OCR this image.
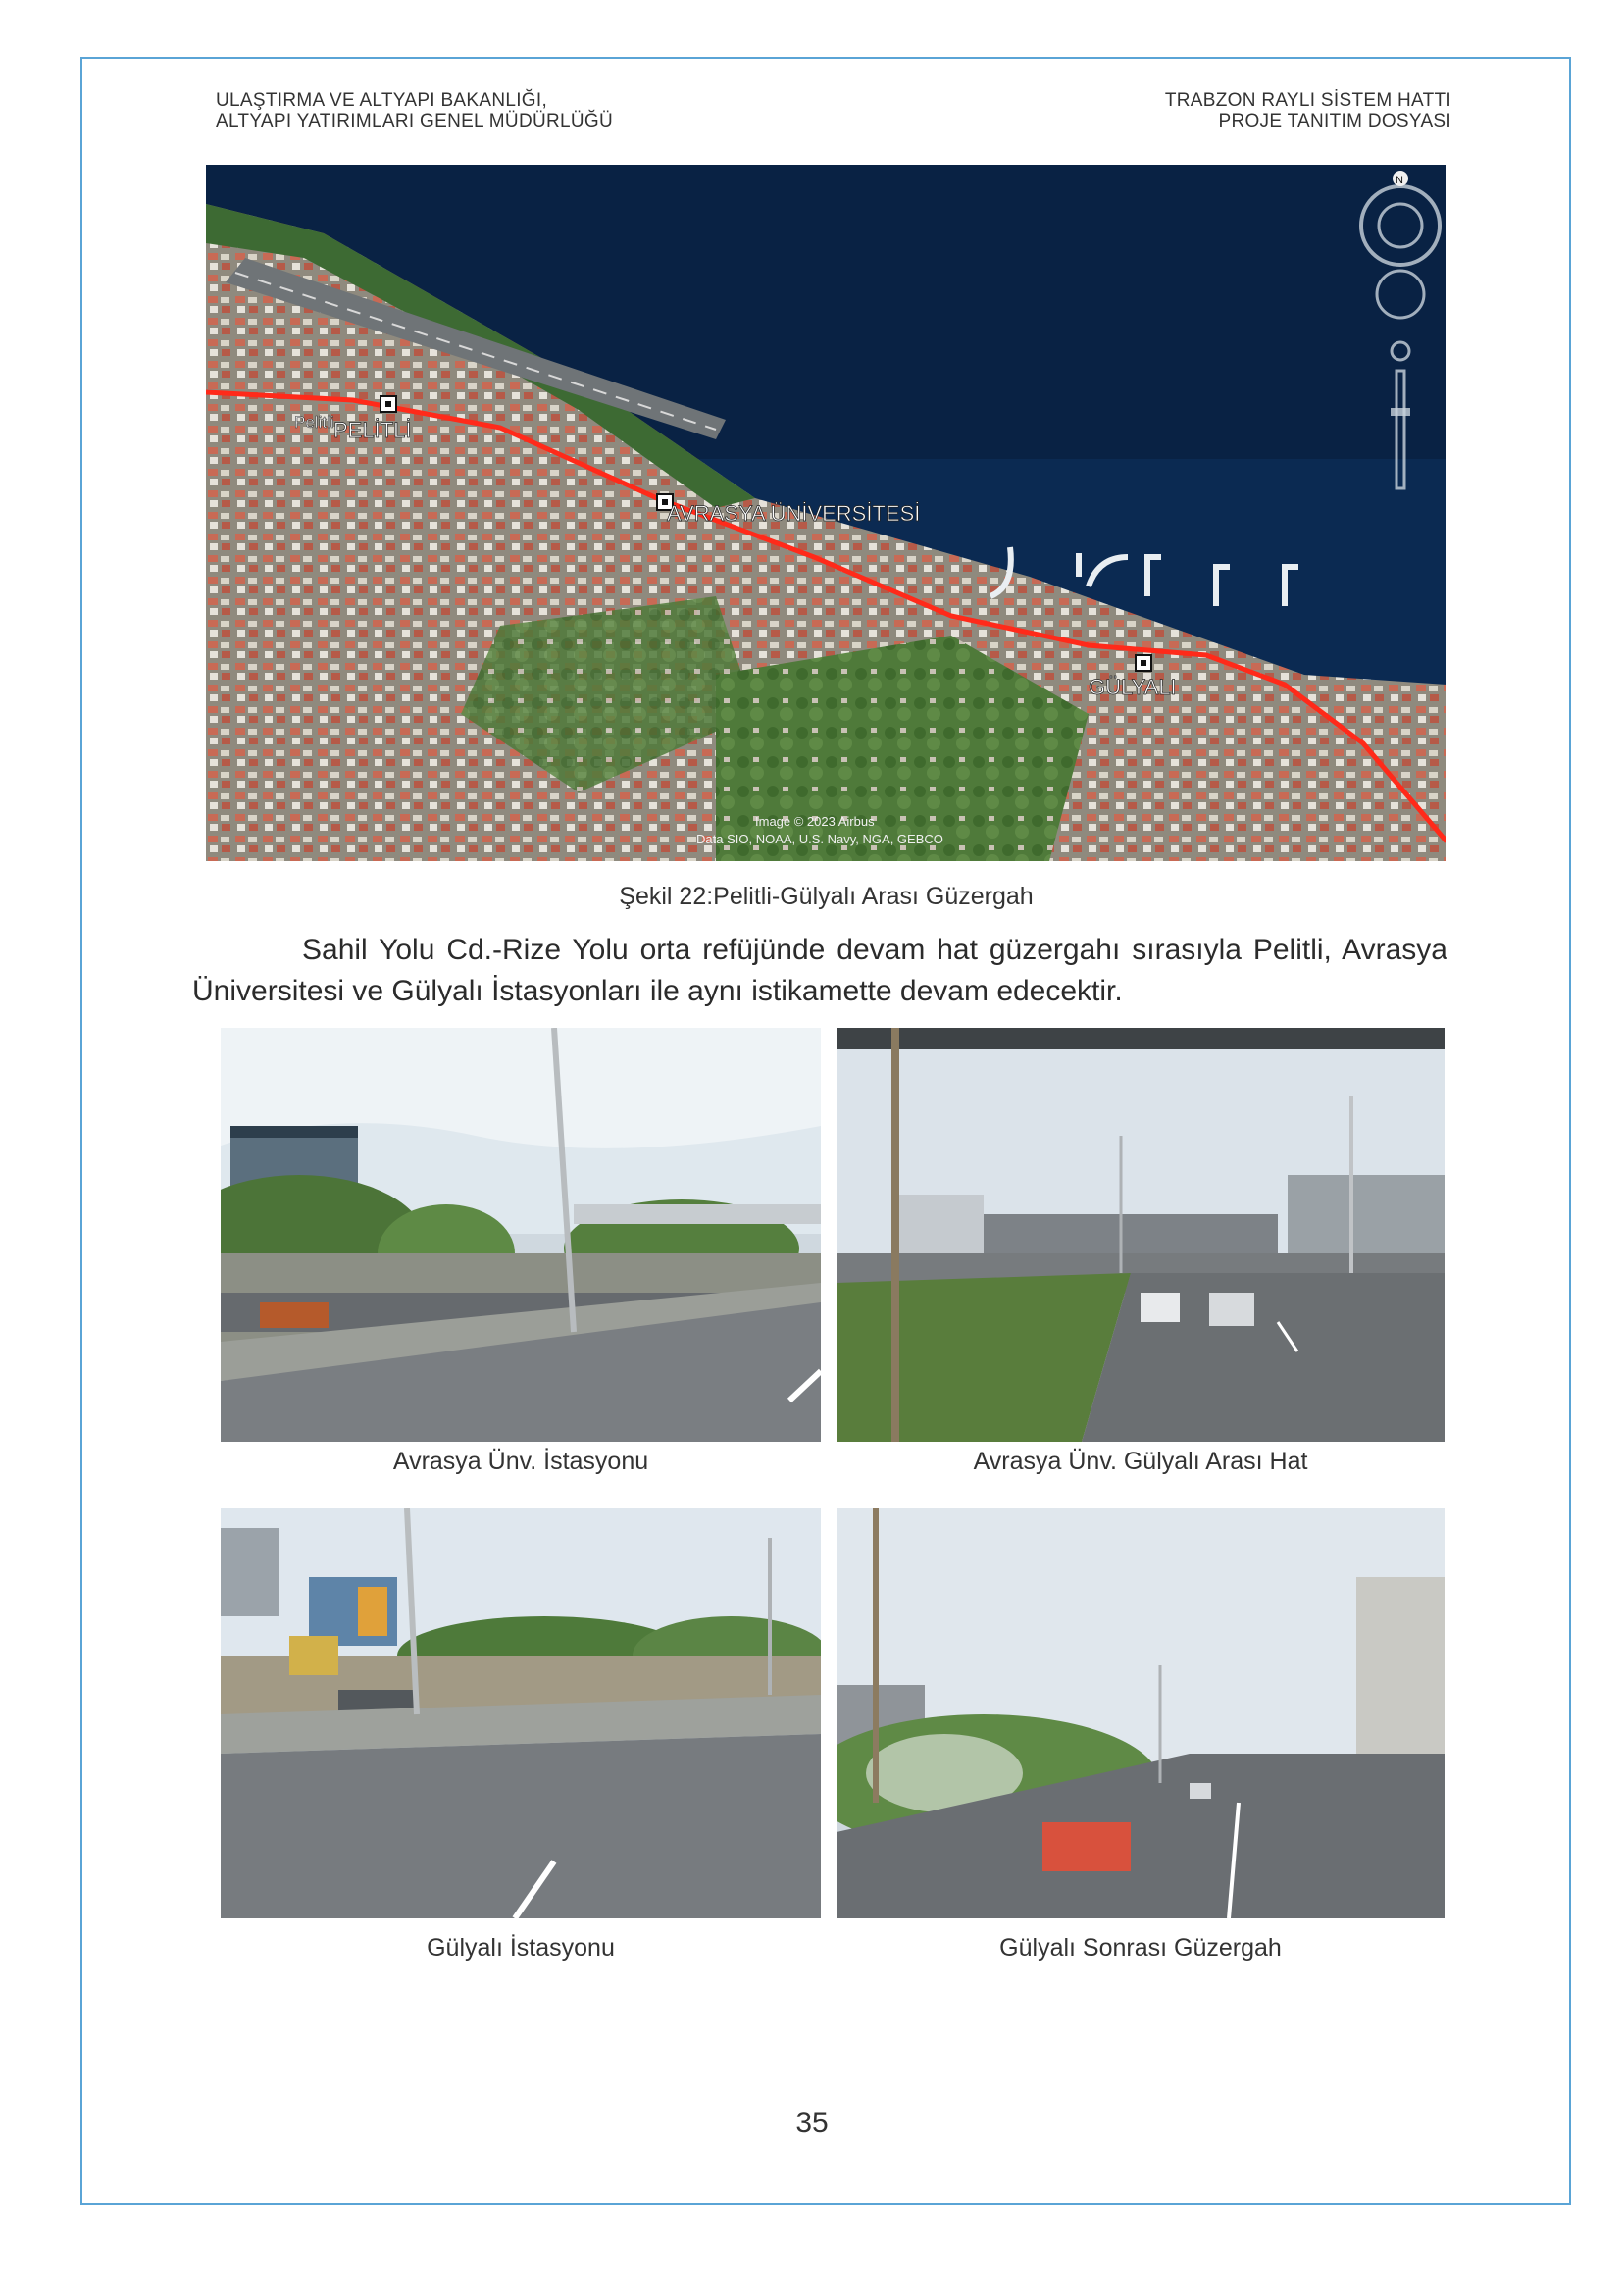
ULAŞTIRMA VE ALTYAPI BAKANLIĞI,
ALTYAPI YATIRIMLARI GENEL MÜDÜRLÜĞÜ
TRABZON RAYLI SİSTEM HATTI
PROJE TANITIM DOSYASI
Pelitli PELİTLİ
AVRASYA ÜNİVERSİTESİ
GÜLYALI
N
Image © 2023 Airbus
Data SIO, NOAA, U.S. Navy, NGA, GEBCO
Şekil 22:Pelitli-Gülyalı Arası Güzergah
Sahil Yolu Cd.-Rize Yolu orta refüjünde devam hat güzergahı sırasıyla Pelitli, Avrasya Üniversitesi ve Gülyalı İstasyonları ile aynı istikamette devam edecektir.
Avrasya Ünv. İstasyonu	Avrasya Ünv. Gülyalı Arası Hat
Gülyalı İstasyonu	Gülyalı Sonrası Güzergah
35
